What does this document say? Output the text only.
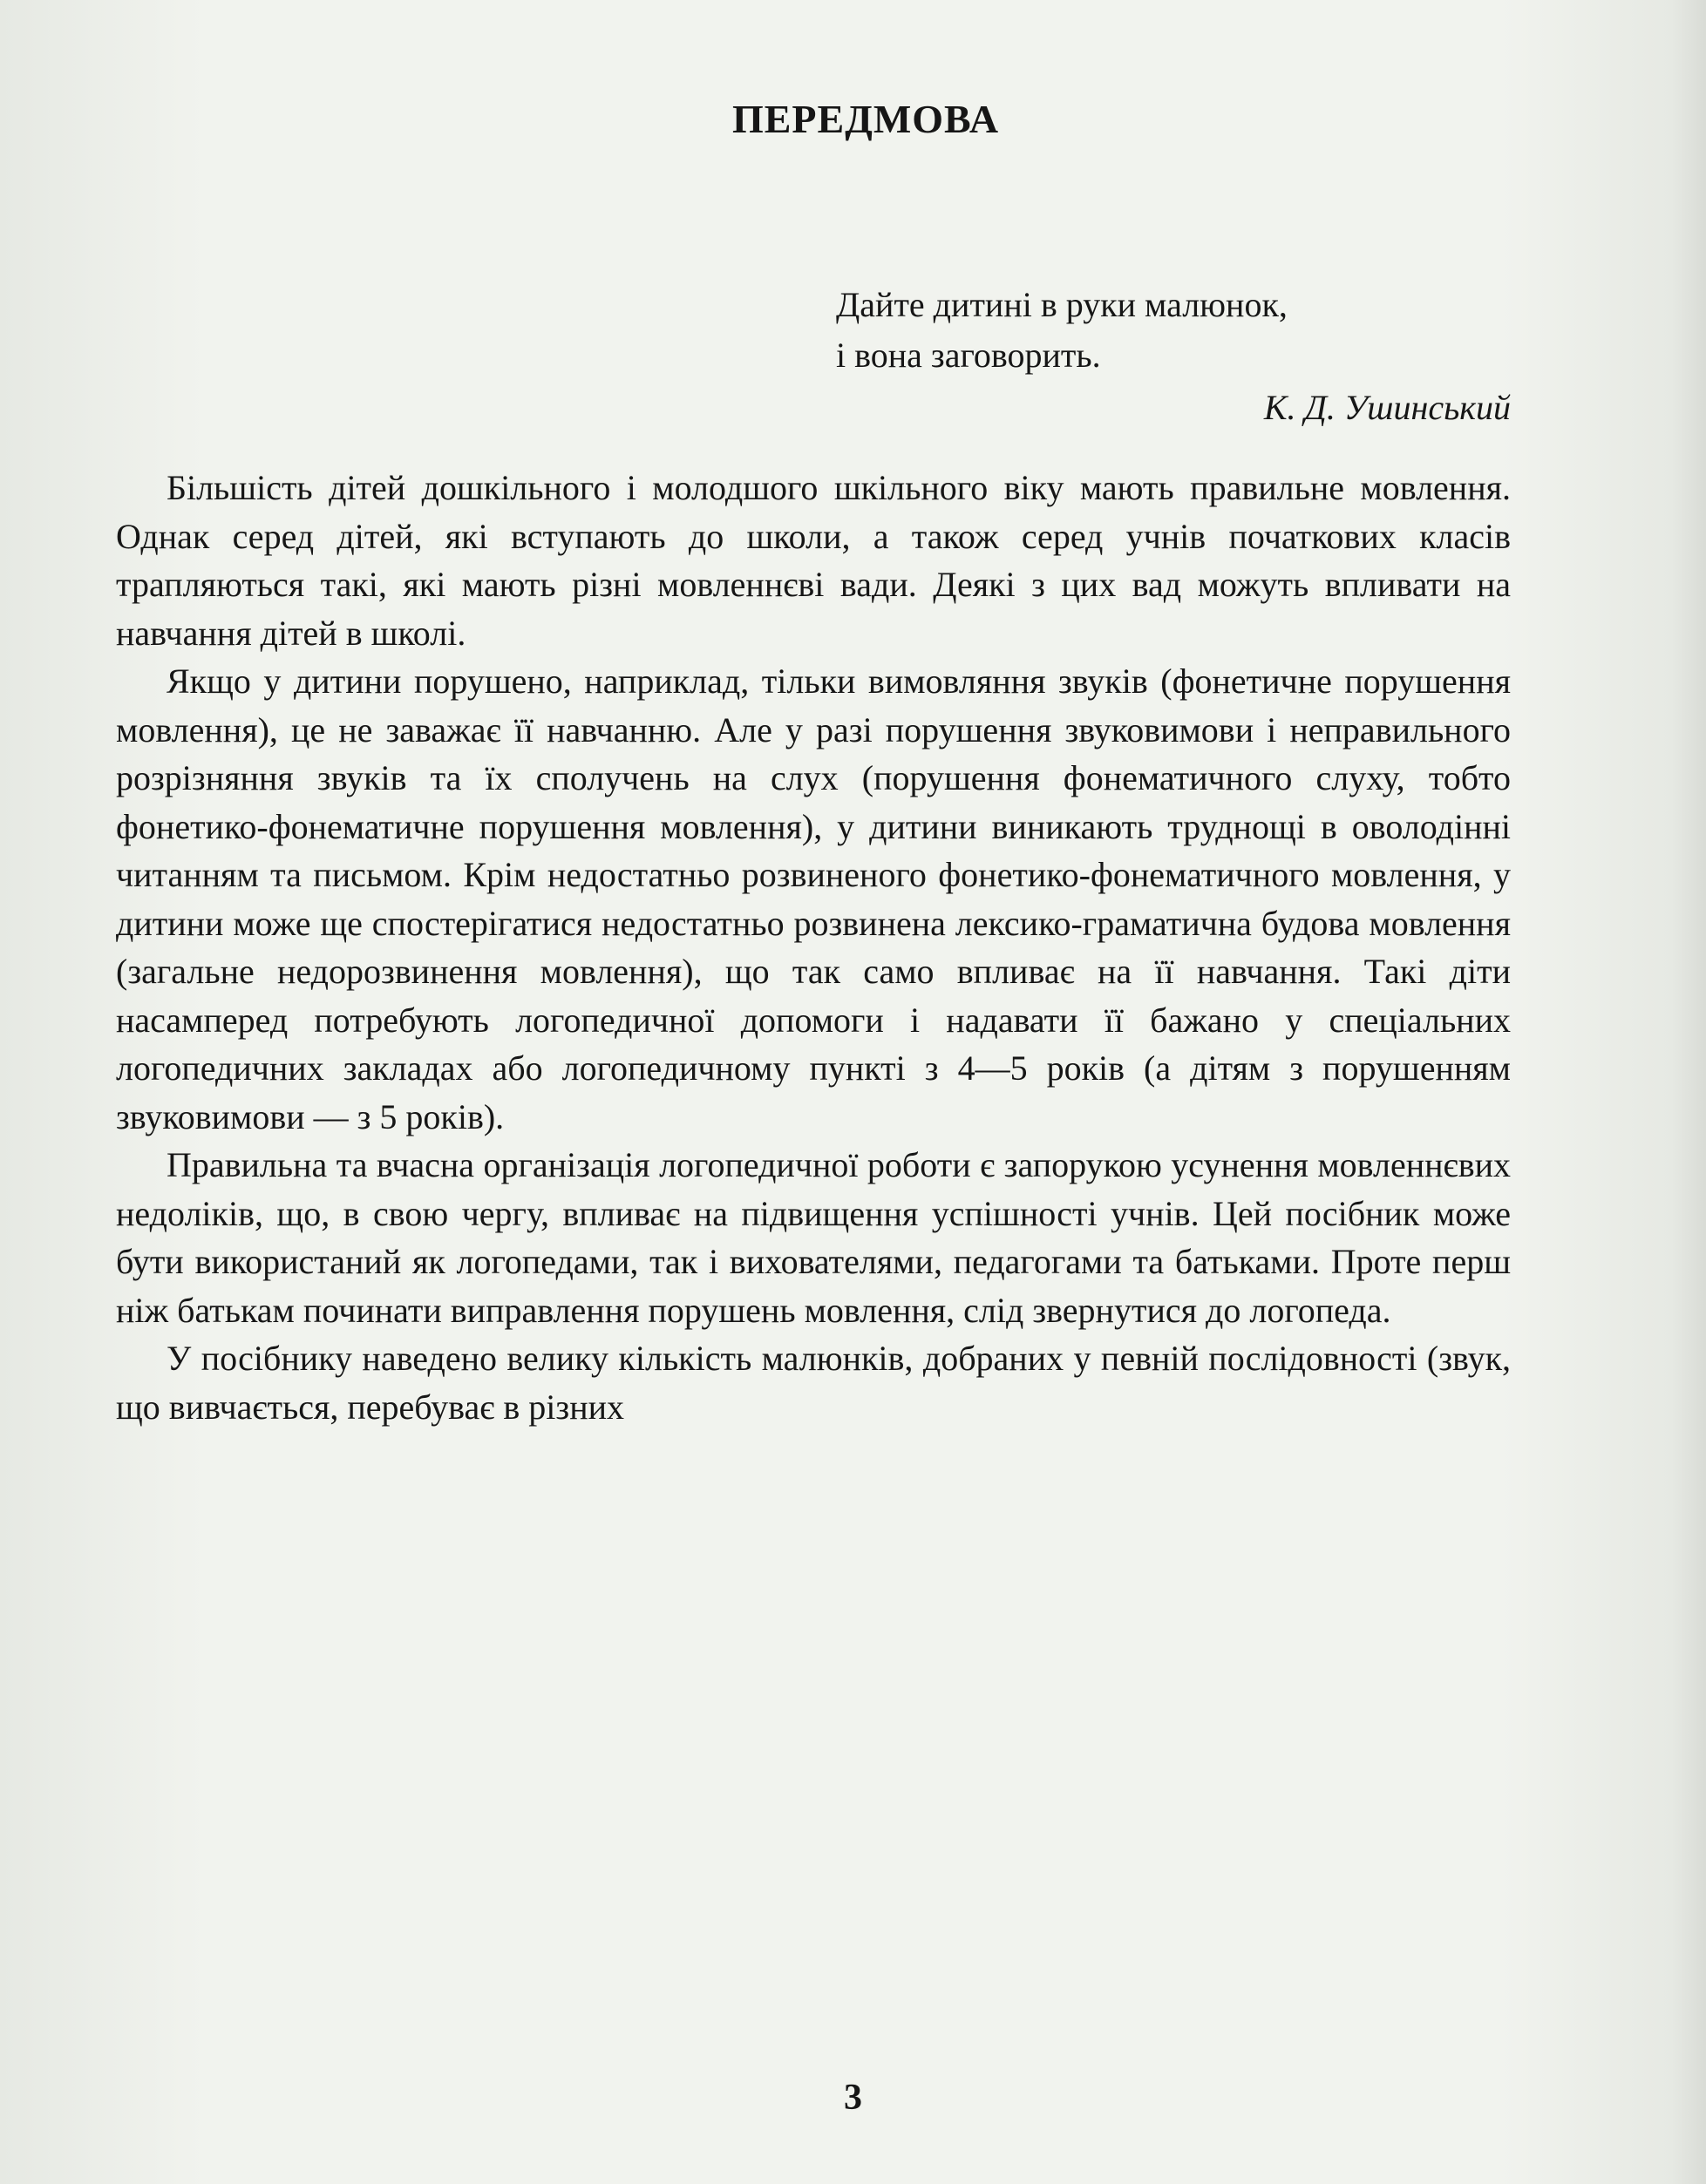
ПЕРЕДМОВА
Дайте дитині в руки малюнок,
і вона заговорить.
К. Д. Ушинський

Більшість дітей дошкільного і молодшого шкільного віку мають правильне мовлення. Однак серед дітей, які вступають до школи, а також серед учнів початкових класів трапляються такі, які мають різні мовленнєві вади. Деякі з цих вад можуть впливати на навчання дітей в школі.

Якщо у дитини порушено, наприклад, тільки вимовляння звуків (фонетичне порушення мовлення), це не заважає її навчанню. Але у разі порушення звуковимови і неправильного розрізняння звуків та їх сполучень на слух (порушення фонематичного слуху, тобто фонетико-фонематичне порушення мовлення), у дитини виникають труднощі в оволодінні читанням та письмом. Крім недостатньо розвиненого фонетико-фонематичного мовлення, у дитини може ще спостерігатися недостатньо розвинена лексико-граматична будова мовлення (загальне недорозвинення мовлення), що так само впливає на її навчання. Такі діти насамперед потребують логопедичної допомоги і надавати її бажано у спеціальних логопедичних закладах або логопедичному пункті з 4—5 років (а дітям з порушенням звуковимови — з 5 років).

Правильна та вчасна організація логопедичної роботи є запорукою усунення мовленнєвих недоліків, що, в свою чергу, впливає на підвищення успішності учнів. Цей посібник може бути використаний як логопедами, так і вихователями, педагогами та батьками. Проте перш ніж батькам починати виправлення порушень мовлення, слід звернутися до логопеда.

У посібнику наведено велику кількість малюнків, добраних у певній послідовності (звук, що вивчається, перебуває в різних

3
